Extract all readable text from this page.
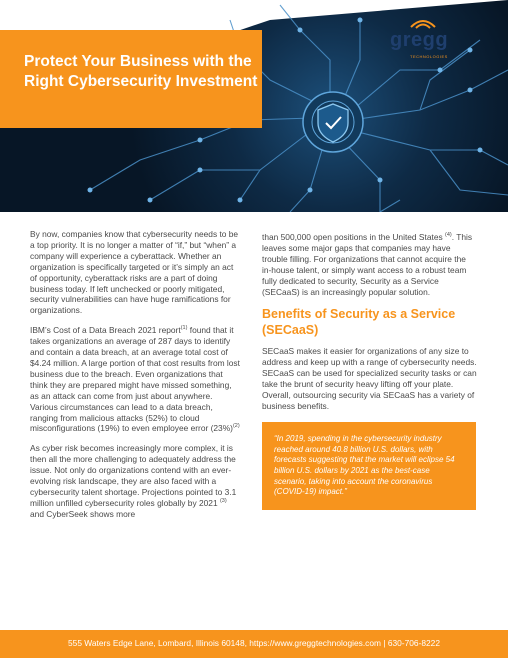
gregg
TECHNOLOGIES
Protect Your Business with the Right Cybersecurity Investment

By now, companies know that cybersecurity needs to be a top priority. It is no longer a matter of “if,” but “when” a company will experience a cyberattack. Whether an organization is specifically targeted or it’s simply an act of opportunity, cyberattack risks are a part of doing business today. If left unchecked or poorly mitigated, security vulnerabilities can have huge ramifications for organizations.

IBM’s Cost of a Data Breach 2021 report$^{(1)}$ found that it takes organizations an average of 287 days to identify and contain a data breach, at an average total cost of $4.24 million. A large portion of that cost results from lost business due to the breach. Even organizations that think they are prepared might have missed something, as an attack can come from just about anywhere. Various circumstances can lead to a data breach, ranging from malicious attacks (52%) to cloud misconfigurations (19%) to even employee error $(23\%)^{(2)}$

As cyber risk becomes increasingly more complex, it is then all the more challenging to adequately address the issue. Not only do organizations contend with an ever-evolving risk landscape, they are also faced with a cybersecurity talent shortage. Projections pointed to 3.1 million unfilled cybersecurity roles globally by 2021 $^{(3)}$ and CyberSeek shows more

than 500,000 open positions in the United States $^{(4)}$. This leaves some major gaps that companies may have trouble filling. For organizations that cannot acquire the in-house talent, or simply want access to a robust team fully dedicated to security, Security as a Service (SECaaS) is an increasingly popular solution.

Benefits of Security as a Service (SECaaS)

SECaaS makes it easier for organizations of any size to address and keep up with a range of cybersecurity needs. SECaaS can be used for specialized security tasks or can take the brunt of security heavy lifting off your plate. Overall, outsourcing security via SECaaS has a variety of business benefits.

“In 2019, spending in the cybersecurity industry reached around 40.8 billion U.S. dollars, with forecasts suggesting that the market will eclipse 54 billion U.S. dollars by 2021 as the best-case scenario, taking into account the coronavirus (COVID-19) impact.”
555 Waters Edge Lane, Lombard, Illinois 60148, https://www.greggtechnologies.com | 630-706-8222
